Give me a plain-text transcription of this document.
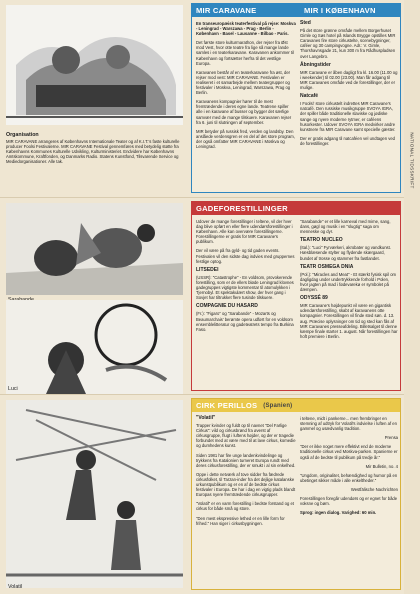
NATIONAL TIDSSKRIFT
Organisation
MIR CARAVANE arrangeres af Københavns Internationale Teater og af K.I.T.'s faste kulturelle producer Foolsi Festivalerne. MIR CARAVANE Festival gennemføres med betydelig støtte fra Københavns Kommunes Kulturelle Udvikling, Kulturministeriet. Endvidere har Københavns Amtskommune, Kraftfonden, og Danmarks Radio. Statens Kunstfond, Tilsvarende Service og Mediedorganisationer. Alle tak.
MIR CARAVANE	MIR I KØBENHAVN

En transeuropæisk teaterfestival på rejse: Moskva - Leningrad - Warszawa - Prag - Berlin - København - Basel - Lausanne - Bilbao - Paris.

Det første store kulturmarathon, der rejser fra Øst mod Vest, hvor otte teatre fra lige så mange lande samles i en teaterkaravane. Karavanen ankommer til København og fortsætter herfra til det vestlige Europa.

Karavanen består af en teaterkaravane fra øst, der rejser mod vest: MIR CARAVANE. Festivalen er realiseret i et samarbejde mellem teatergrupper og festivaler i Moskva, Leningrad, Warszawa, Prag og Berlin.

Karavanens kompagnier hører til de mest fremtrædende i deres egne lande. Teatrene spiller alle i en karavane af busser og bygger det særlige samvær med de mange tilskuere. Karavanen rejser fra 6. juni til slutningen af september.

MIR betyder på russisk fred, verden og landsby. Den anslåede verdensgren er en del af det store program, der også omfatter MIR CARAVANE i Moskva og Leningrad.

Sted

På det store grønne område mellem Borgerhuset Gimle og Søs hotel på Islands Brygge opstilles MIR Caravanes fire store cirkustelte, scenebygninger, caféer og 30 campingvogne. Adr.: V. Gimle, Thorshavnsgade 21, kun 300 m fra Rådhuspladsen over Langebro.

Åbningstider

MIR Caravane er åben dagligt fra kl. 16.00 (11.00 og i weekender) til 02.00 (23.00). Man får adgang til MIR Caravanes område ved de forestillinger, der er mulige.

Natcafé

I Foolsi' store cirkustelt indrettes MIR Caravane's natcafé. Den russiske musikgruppe SVOYA IGRA, der spiller både traditionelle slaviske og jødiske sange og nyere moderne rytmer, er caféens husorkester. Udover SVOYA IGRA medvirker andre kunstnere fra MIR Caravane samt specielle gæster.

Der er gratis adgang til natcaféen vel undtagen ved de forestillinger.

Luci
GADEFORESTILLINGER

Udover de mange forestillinger i teltene, vil der hver dag blive opført en eller flere udendørsforestillinger i København. Alle kan overvære forestillingerne. Forestillingerne er gratis for MIR Caravane's publikum.

Der vil være på fra gyld- og tid gaden events. Festivalen vil den sidste dag indvies med gruppernes festlige optog.

LITSEDEI

(USSR): "Catastrophe" - En voldsom, provokerende forestilling, som er de ellers bløde Leningrad klovnes gadegruppes vigtigste kommentar til atomulykken i Tjernobyl. Et spektakulært show, der hver gang i Sovjet har tiltrukket flere tusinde tilskuere.

COMPAGNIE DU HASARD

(Fr.): "Figaro" og "Sarabande" - Mozarts og Beaumarchais' berømte opera udført for en voldsom ensemblelitteratur og gadeteatrets tempo fra Burkina Faso.

"Sarabande" er et lille karneval med mime, sang, dans, gøgl og musik i en "slugtig" saga om menneske og dyr.

TEATRO NUCLEO

(Ital.): "Luci" Fyrværkeri, akrobater og vandkunst. Hæsblæsende stylter og flydende skærgaard, bundet af trosse og stammer fra fastlandet.

TEATR OSMEGA DNIA

(Pol.): "Miracles and Meat" - Et stærkt fysisk spil om dagligdag under undertrykkende forhold i Polen, hvor jagten på mad i fødevarekø er symbolet på dæmpen.

ODYSSÉ 89

MIR Caravane's højdepunkt vil være en gigantisk udendørsforestilling, skabt af karavanens otte kompagnier. Forestillingen vil finde sted søn. d. 13. aug. Præcise oplysninger om tid og sted kan fås af MIR Caravanes presseafdeling. Billetsalget til denne kæmpe finale starter 1. august. Når forestillingen har hoft premiere i Berlin.

Volatil
CIRK PERILLOS (Spanien)
"Volatil"

Trapper kvinder og fuldt op til navnet "Del Farlige Cirkus": vild og cirkusbrønd fra øverst af cirkusgruppe, flugt i luftens højder, og der er tragedie forbundet med at være med til at lave cirkus, komedie og dumhedens kunst.

Siden 1981 har fire unge landenkvindelinge og trykkens fra Katalonien turneret Europa rundt med deres cirkusforestilling, der er smukt i al sin enkelhed.

Oppe i dette netværk af tove sidder fra fædrede cirkusfolket, til Tarzan-inder fra det dejlige katalanske urkunstpublikum og er en af de bedste cirkus festivaler i Europa. De har i dag en vigtig plads blandt Europas nyere fremtrædende cirkusgrupper.

"Volatil" er en varm forestilling i bedste forstand og et cirkus for både små og store.

"Den mest ekspressive lethed er en lille form for frihed." Han siger i cirkusbygningen.

i teltene, midt i pankerne... men frembringer en stemning af udtryk for Volatil's indvielse i luften af en gammel og usædvanlig tradition.

Prensa

"Der er ikke noget mere effektivt end de moderne traditionelle cirkus ved Moskva-parken. Spanierne er også af de bedste til publikum på tredje år."

Mir Bulletin, no. 4

"Ungdom, originalitet, behændighed og humor på en ubetinget sikker måde i alle enkeltheder."

Westfälische Nachrichten

Forestillingen foregår udendørs og er egnet for både voksne og børn.

Sprog: ingen dialog. Varighed: 60 min.
